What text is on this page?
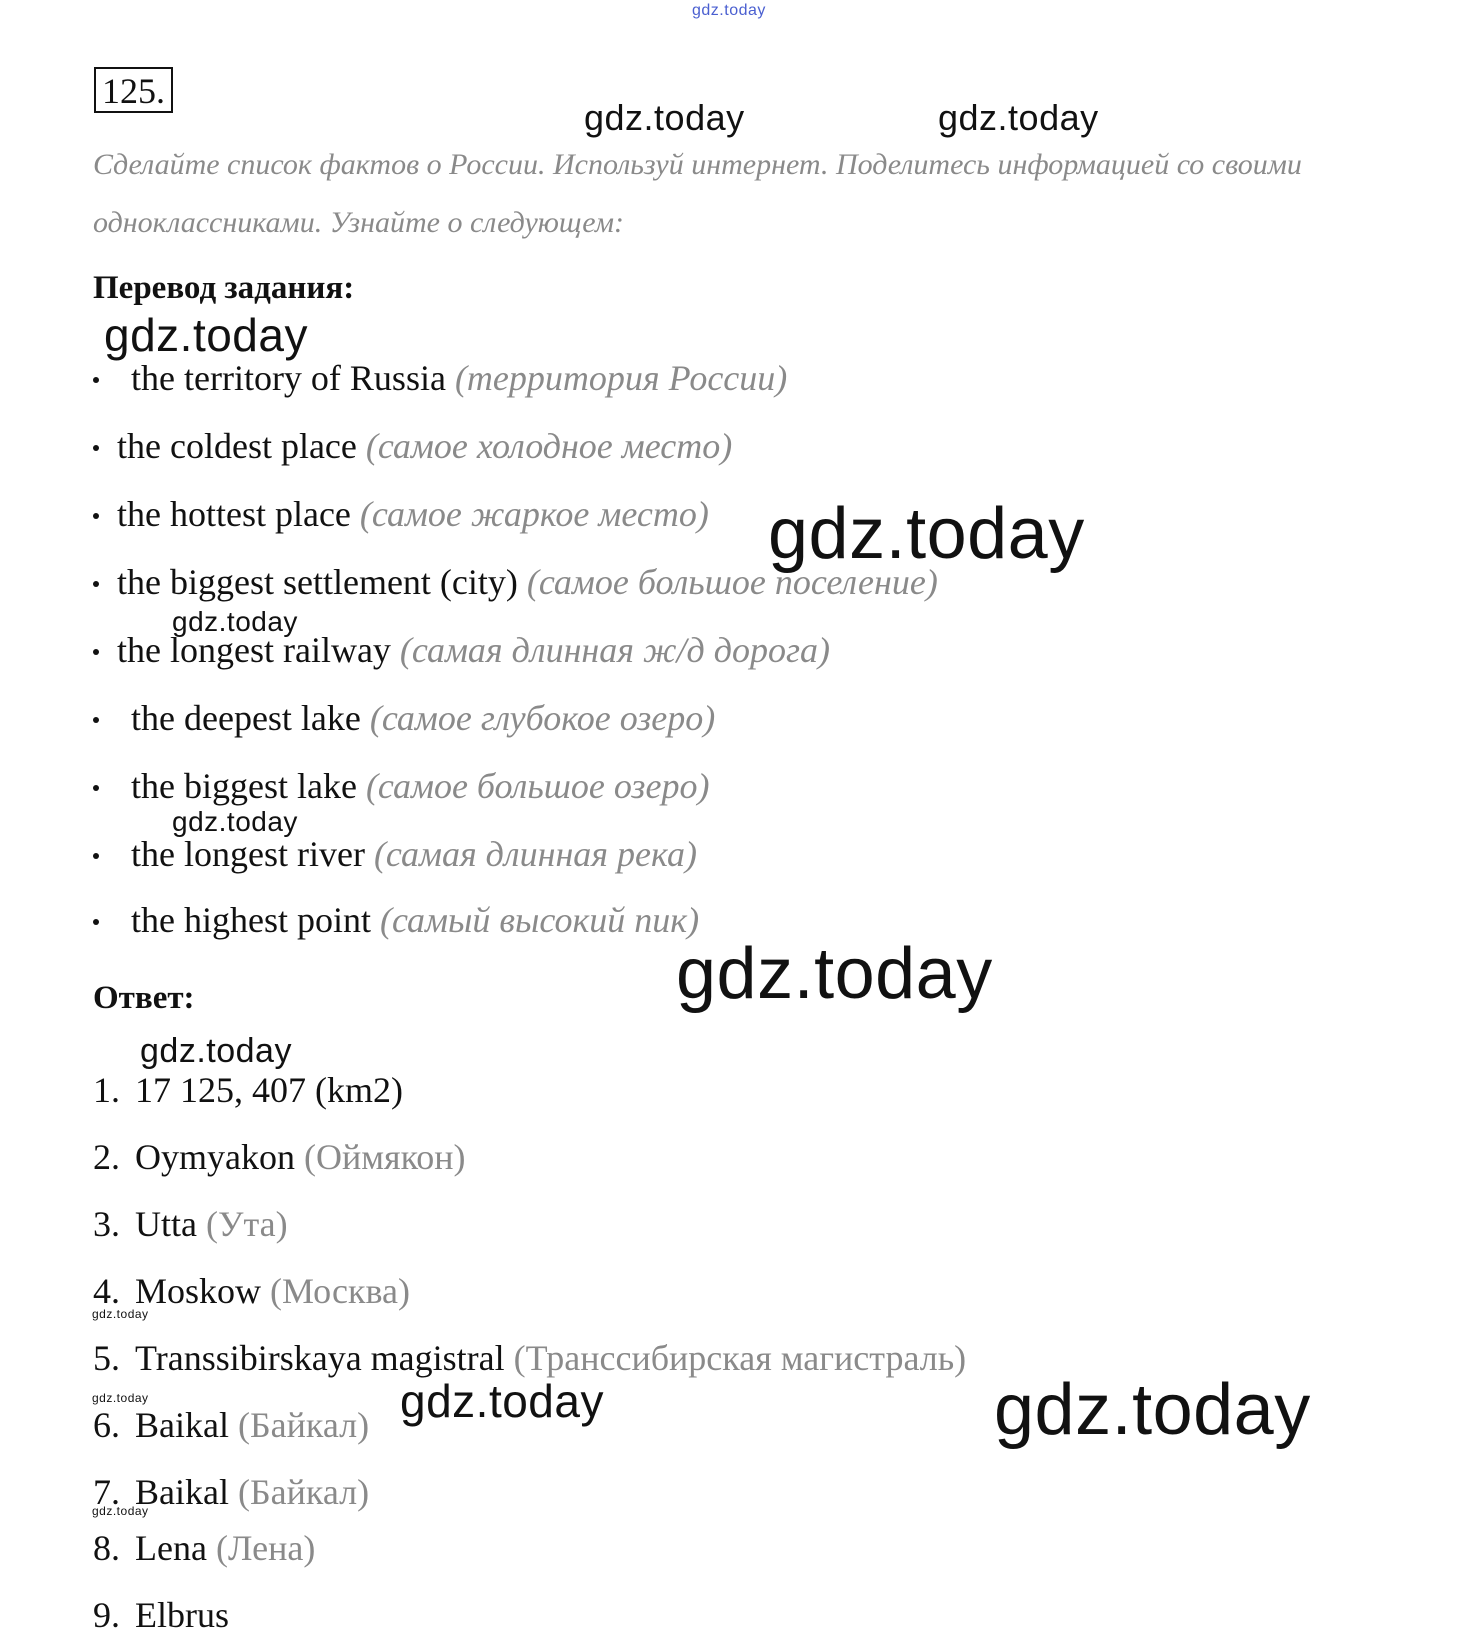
gdz.today
gdz.today	gdz.today
gdz.today
gdz.today
gdz.today
gdz.today
gdz.today
gdz.today
gdz.today
gdz.today	gdz.today	gdz.today
gdz.today
125.

Сделайте список фактов о России. Используй интернет. Поделитесь информацией со своими одноклассниками. Узнайте о следующем:

Перевод задания:
the territory of Russia (территория России)
the coldest place (самое холодное место)
the hottest place (самое жаркое место)
the biggest settlement (city) (самое большое поселение)
the longest railway (самая длинная ж/д дорога)
the deepest lake (самое глубокое озеро)
the biggest lake (самое большое озеро)
the longest river (самая длинная река)
the highest point (самый высокий пик)
Ответ:
1. 17 125, 407 (km2)
2. Oymyakon (Оймякон)
3. Utta (Ута)
4. Moskow (Москва)
5. Transsibirskaya magistral (Транссибирская магистраль)
6. Baikal (Байкал)
7. Baikal (Байкал)
8. Lena (Лена)
9. Elbrus
